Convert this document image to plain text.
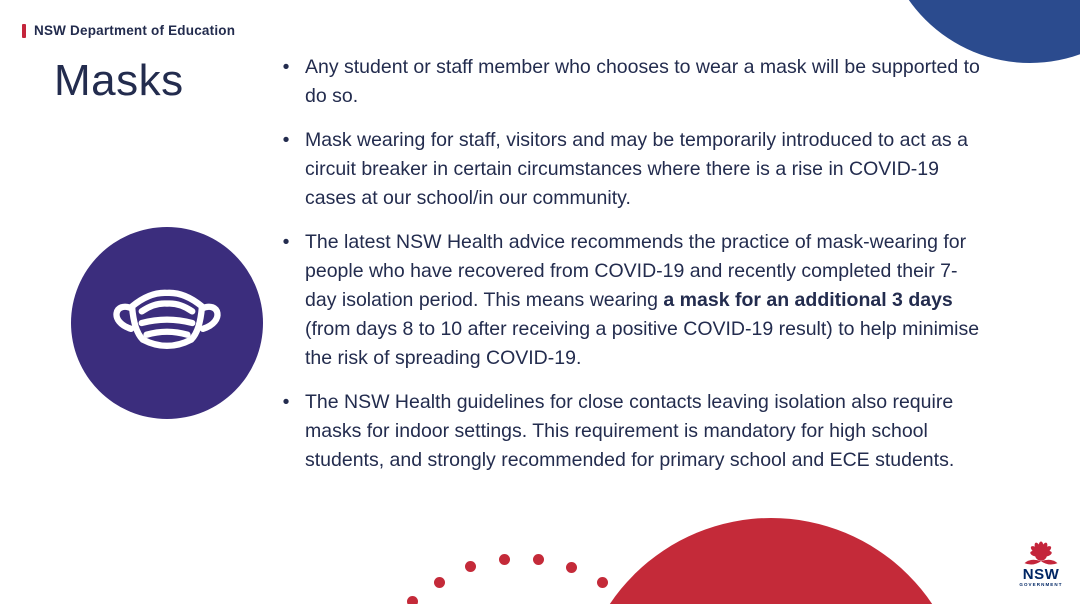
NSW Department of Education
Masks	• Any student or staff member who chooses to wear a mask will be supported to do so.
• Mask wearing for staff, visitors and may be temporarily introduced to act as a circuit breaker in certain circumstances where there is a rise in COVID-19 cases at our school/in our community.
• The latest NSW Health advice recommends the practice of mask-wearing for people who have recovered from COVID-19 and recently completed their 7-day isolation period. This means wearing a mask for an additional 3 days (from days 8 to 10 after receiving a positive COVID-19 result) to help minimise the risk of spreading COVID-19.
• The NSW Health guidelines for close contacts leaving isolation also require masks for indoor settings. This requirement is mandatory for high school students, and strongly recommended for primary school and ECE students.
NSW
GOVERNMENT
